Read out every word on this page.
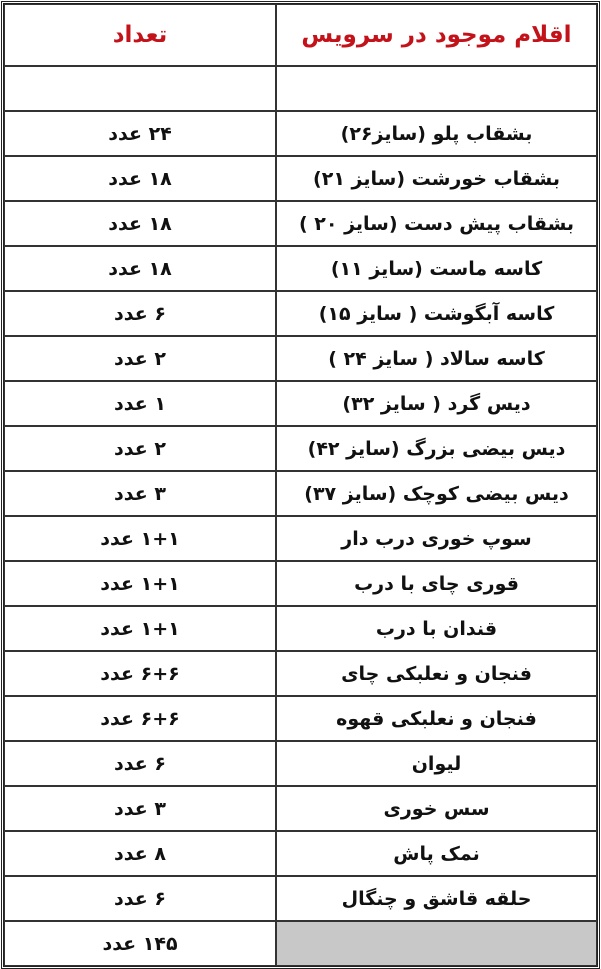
تعداد	اقلام موجود در سرویس

۲۴ عدد	بشقاب پلو (سایز۲۶)
۱۸ عدد	بشقاب خورشت (سایز ۲۱)
۱۸ عدد	بشقاب پیش دست (سایز ۲۰ )
۱۸ عدد	کاسه ماست (سایز ۱۱)
۶ عدد	کاسه آبگوشت ( سایز ۱۵)
۲ عدد	کاسه سالاد ( سایز ۲۴ )
۱ عدد	دیس گرد ( سایز ۳۲)
۲ عدد	دیس بیضی بزرگ (سایز ۴۲)
۳ عدد	دیس بیضی کوچک (سایز ۳۷)
۱+۱ عدد	سوپ خوری درب دار
۱+۱ عدد	قوری چای با درب
۱+۱ عدد	قندان با درب
۶+۶ عدد	فنجان و نعلبکی چای
۶+۶ عدد	فنجان و نعلبکی قهوه
۶ عدد	لیوان
۳ عدد	سس خوری
۸ عدد	نمک پاش
۶ عدد	حلقه قاشق و چنگال
۱۴۵ عدد	
